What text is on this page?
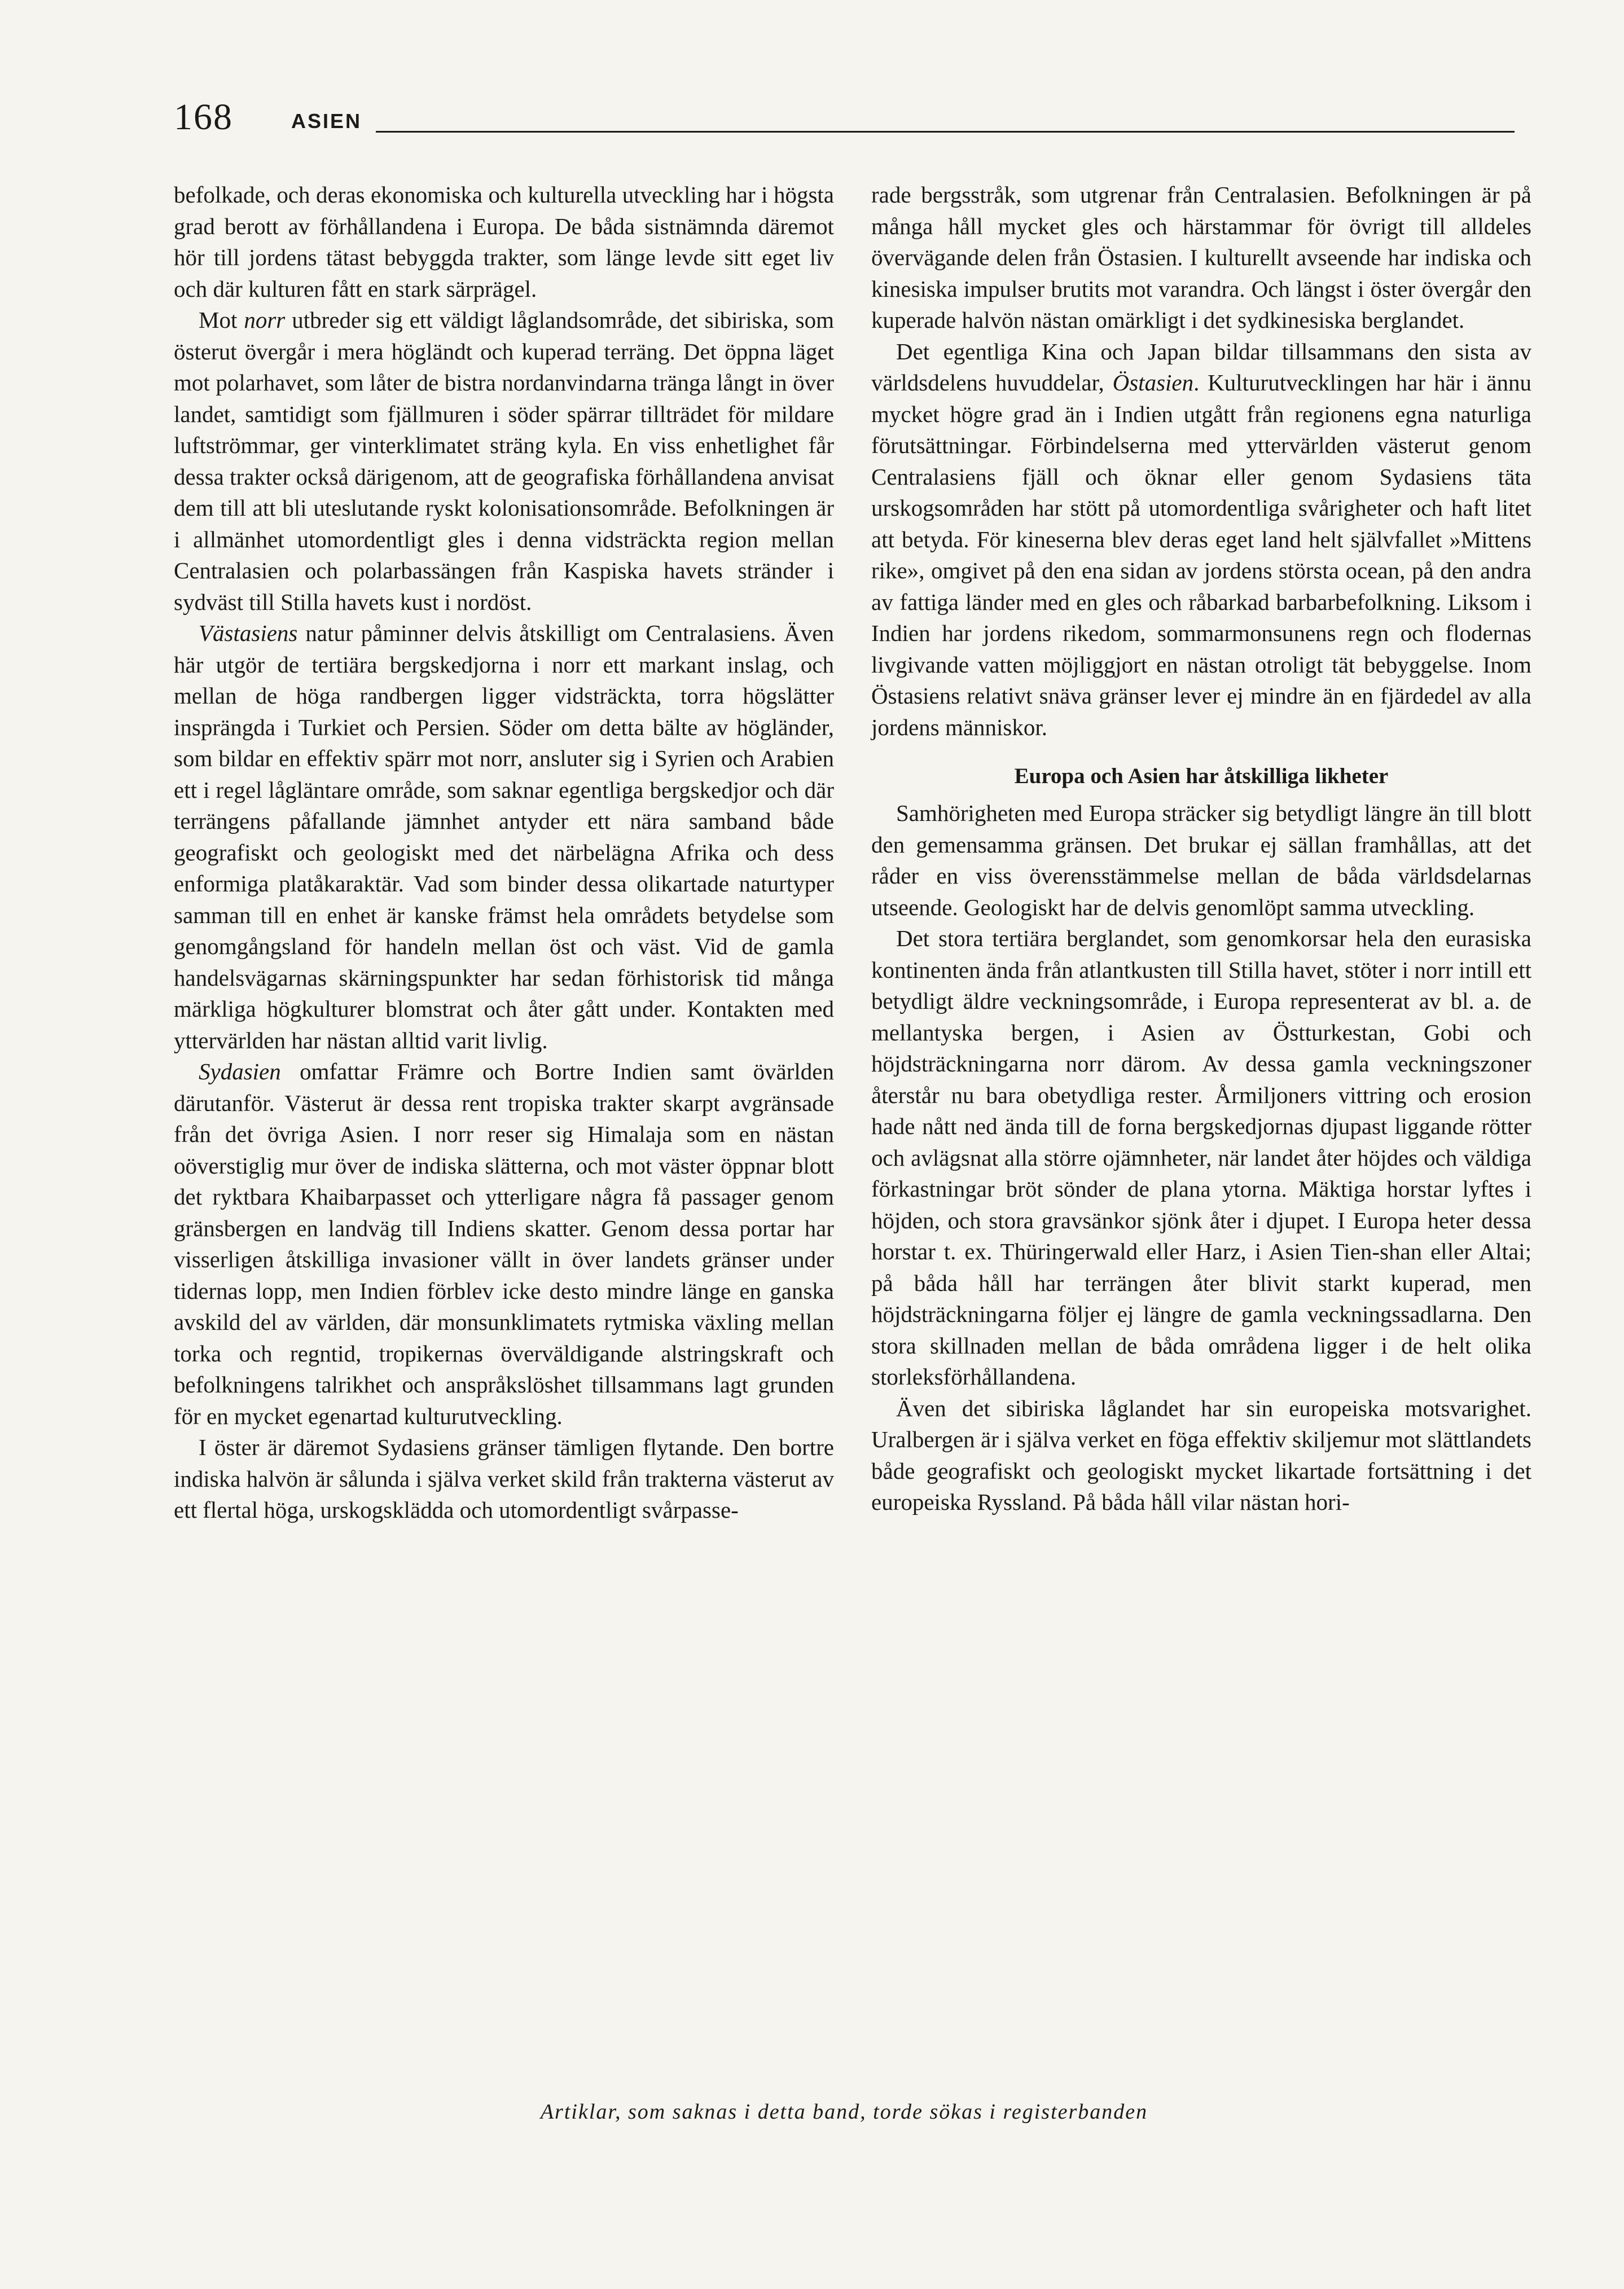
168	ASIEN

befolkade, och deras ekonomiska och kulturella utveckling har i högsta grad berott av förhållandena i Europa. De båda sistnämnda däremot hör till jordens tätast bebyggda trakter, som länge levde sitt eget liv och där kulturen fått en stark särprägel.

Mot norr utbreder sig ett väldigt låglandsområde, det sibiriska, som österut övergår i mera högländt och kuperad terräng. Det öppna läget mot polarhavet, som låter de bistra nordanvindarna tränga långt in över landet, samtidigt som fjällmuren i söder spärrar tillträdet för mildare luftströmmar, ger vinterklimatet sträng kyla. En viss enhetlighet får dessa trakter också därigenom, att de geografiska förhållandena anvisat dem till att bli uteslutande ryskt kolonisationsområde. Befolkningen är i allmänhet utomordentligt gles i denna vidsträckta region mellan Centralasien och polarbassängen från Kaspiska havets stränder i sydväst till Stilla havets kust i nordöst.

Västasiens natur påminner delvis åtskilligt om Centralasiens. Även här utgör de tertiära bergskedjorna i norr ett markant inslag, och mellan de höga randbergen ligger vidsträckta, torra högslätter insprängda i Turkiet och Persien. Söder om detta bälte av högländer, som bildar en effektiv spärr mot norr, ansluter sig i Syrien och Arabien ett i regel lågläntare område, som saknar egentliga bergskedjor och där terrängens påfallande jämnhet antyder ett nära samband både geografiskt och geologiskt med det närbelägna Afrika och dess enformiga platåkaraktär. Vad som binder dessa olikartade naturtyper samman till en enhet är kanske främst hela områdets betydelse som genomgångsland för handeln mellan öst och väst. Vid de gamla handelsvägarnas skärningspunkter har sedan förhistorisk tid många märkliga högkulturer blomstrat och åter gått under. Kontakten med yttervärlden har nästan alltid varit livlig.

Sydasien omfattar Främre och Bortre Indien samt övärlden därutanför. Västerut är dessa rent tropiska trakter skarpt avgränsade från det övriga Asien. I norr reser sig Himalaja som en nästan oöverstiglig mur över de indiska slätterna, och mot väster öppnar blott det ryktbara Khaibarpasset och ytterligare några få passager genom gränsbergen en landväg till Indiens skatter. Genom dessa portar har visserligen åtskilliga invasioner vällt in över landets gränser under tidernas lopp, men Indien förblev icke desto mindre länge en ganska avskild del av världen, där monsunklimatets rytmiska växling mellan torka och regntid, tropikernas överväldigande alstringskraft och befolkningens talrikhet och anspråkslöshet tillsammans lagt grunden för en mycket egenartad kulturutveckling.

I öster är däremot Sydasiens gränser tämligen flytande. Den bortre indiska halvön är sålunda i själva verket skild från trakterna västerut av ett flertal höga, urskogsklädda och utomordentligt svårpasse-

rade bergsstråk, som utgrenar från Centralasien. Befolkningen är på många håll mycket gles och härstammar för övrigt till alldeles övervägande delen från Östasien. I kulturellt avseende har indiska och kinesiska impulser brutits mot varandra. Och längst i öster övergår den kuperade halvön nästan omärkligt i det sydkinesiska berglandet.

Det egentliga Kina och Japan bildar tillsammans den sista av världsdelens huvuddelar, Östasien. Kulturutvecklingen har här i ännu mycket högre grad än i Indien utgått från regionens egna naturliga förutsättningar. Förbindelserna med yttervärlden västerut genom Centralasiens fjäll och öknar eller genom Sydasiens täta urskogsområden har stött på utomordentliga svårigheter och haft litet att betyda. För kineserna blev deras eget land helt självfallet »Mittens rike», omgivet på den ena sidan av jordens största ocean, på den andra av fattiga länder med en gles och råbarkad barbarbefolkning. Liksom i Indien har jordens rikedom, sommarmonsunens regn och flodernas livgivande vatten möjliggjort en nästan otroligt tät bebyggelse. Inom Östasiens relativt snäva gränser lever ej mindre än en fjärdedel av alla jordens människor.

Europa och Asien har åtskilliga likheter

Samhörigheten med Europa sträcker sig betydligt längre än till blott den gemensamma gränsen. Det brukar ej sällan framhållas, att det råder en viss överensstämmelse mellan de båda världsdelarnas utseende. Geologiskt har de delvis genomlöpt samma utveckling.

Det stora tertiära berglandet, som genomkorsar hela den eurasiska kontinenten ända från atlantkusten till Stilla havet, stöter i norr intill ett betydligt äldre veckningsområde, i Europa representerat av bl. a. de mellantyska bergen, i Asien av Östturkestan, Gobi och höjdsträckningarna norr därom. Av dessa gamla veckningszoner återstår nu bara obetydliga rester. Årmiljoners vittring och erosion hade nått ned ända till de forna bergskedjornas djupast liggande rötter och avlägsnat alla större ojämnheter, när landet åter höjdes och väldiga förkastningar bröt sönder de plana ytorna. Mäktiga horstar lyftes i höjden, och stora gravsänkor sjönk åter i djupet. I Europa heter dessa horstar t. ex. Thüringerwald eller Harz, i Asien Tien-shan eller Altai; på båda håll har terrängen åter blivit starkt kuperad, men höjdsträckningarna följer ej längre de gamla veckningssadlarna. Den stora skillnaden mellan de båda områdena ligger i de helt olika storleksförhållandena.

Även det sibiriska låglandet har sin europeiska motsvarighet. Uralbergen är i själva verket en föga effektiv skiljemur mot slättlandets både geografiskt och geologiskt mycket likartade fortsättning i det europeiska Ryssland. På båda håll vilar nästan hori-

Artiklar, som saknas i detta band, torde sökas i registerbanden
